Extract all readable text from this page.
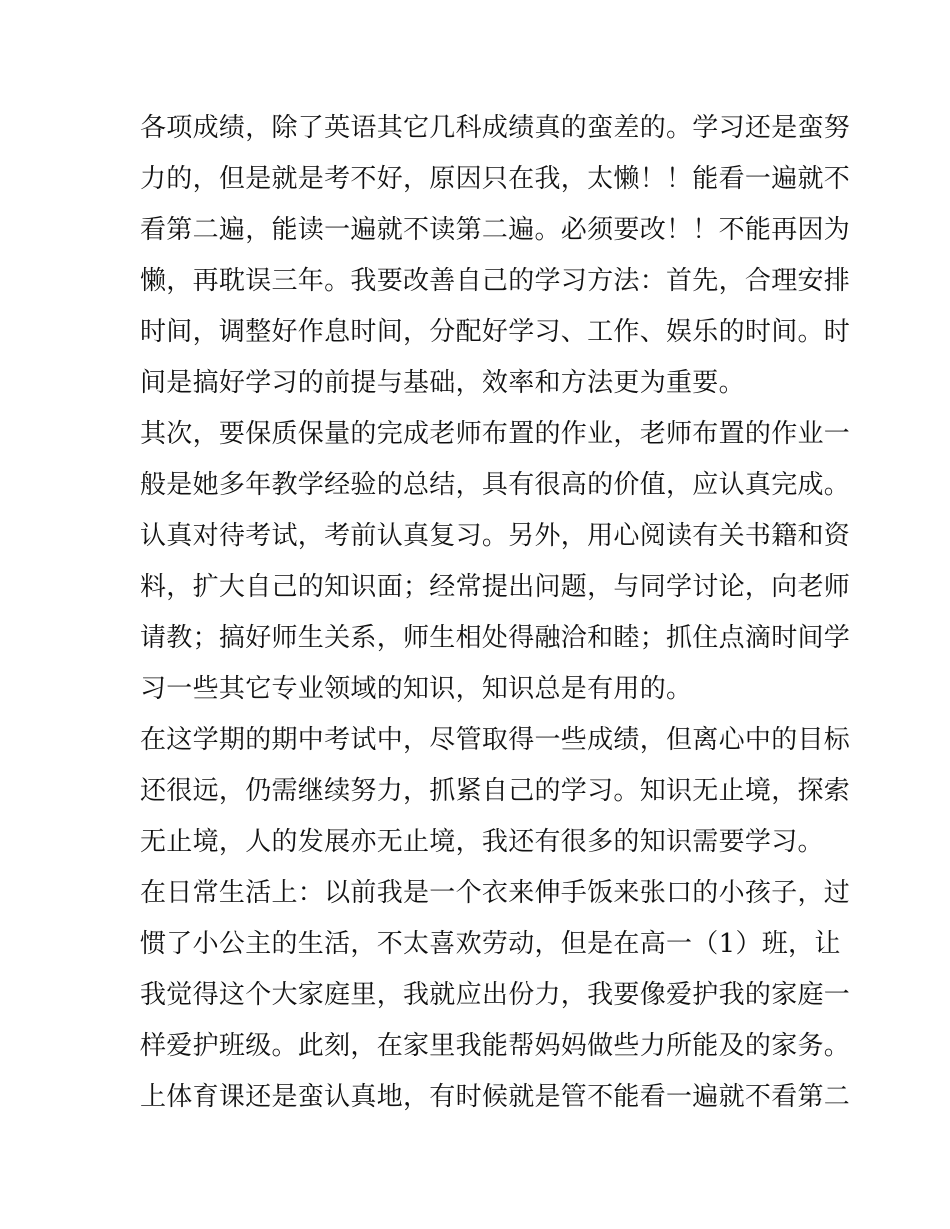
各项成绩，除了英语其它几科成绩真的蛮差的。学习还是蛮努
力的，但是就是考不好，原因只在我，太懒！！能看一遍就不
看第二遍，能读一遍就不读第二遍。必须要改！！不能再因为
懒，再耽误三年。我要改善自己的学习方法：首先，合理安排
时间，调整好作息时间，分配好学习、工作、娱乐的时间。时
间是搞好学习的前提与基础，效率和方法更为重要。
其次，要保质保量的完成老师布置的作业，老师布置的作业一
般是她多年教学经验的总结，具有很高的价值，应认真完成。
认真对待考试，考前认真复习。另外，用心阅读有关书籍和资
料，扩大自己的知识面；经常提出问题，与同学讨论，向老师
请教；搞好师生关系，师生相处得融洽和睦；抓住点滴时间学
习一些其它专业领域的知识，知识总是有用的。
在这学期的期中考试中，尽管取得一些成绩，但离心中的目标
还很远，仍需继续努力，抓紧自己的学习。知识无止境，探索
无止境，人的发展亦无止境，我还有很多的知识需要学习。
在日常生活上：以前我是一个衣来伸手饭来张口的小孩子，过
惯了小公主的生活，不太喜欢劳动，但是在高一（1）班，让
我觉得这个大家庭里，我就应出份力，我要像爱护我的家庭一
样爱护班级。此刻，在家里我能帮妈妈做些力所能及的家务。
上体育课还是蛮认真地，有时候就是管不能看一遍就不看第二
